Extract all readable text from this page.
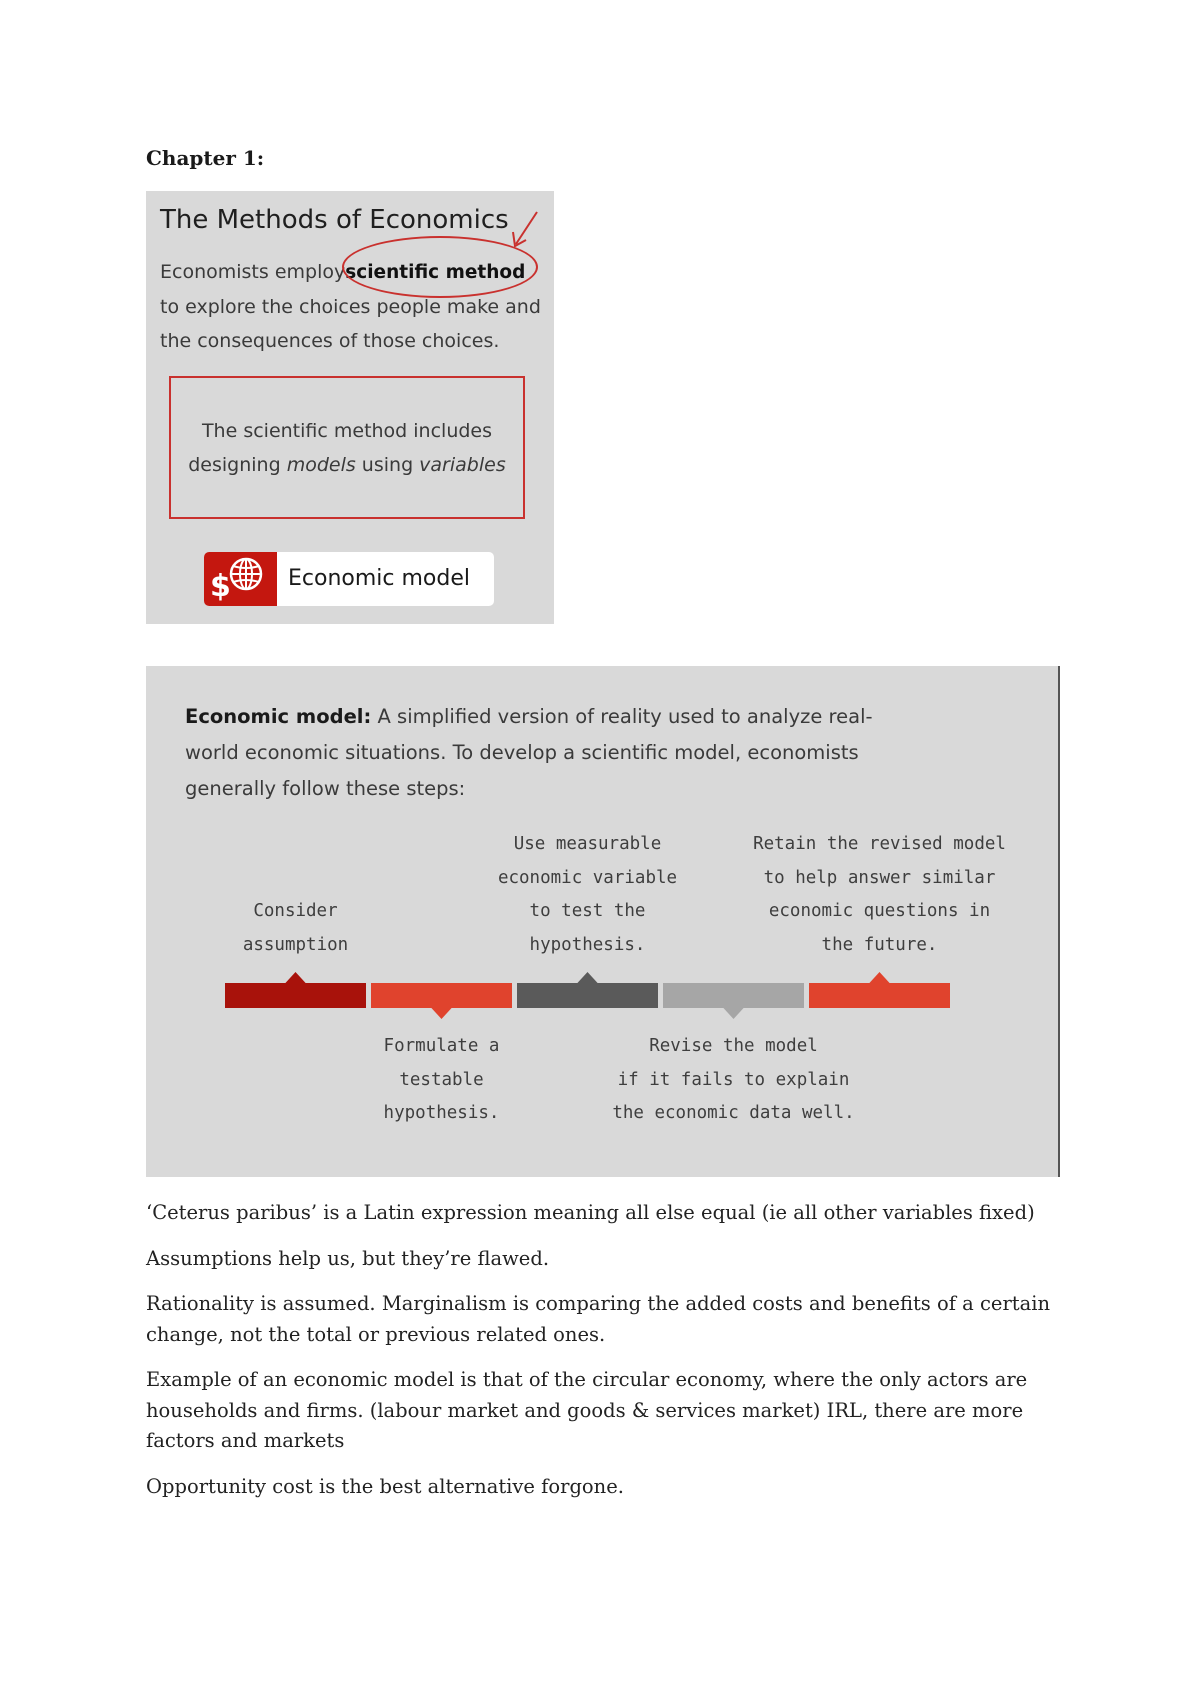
Chapter 1:
The Methods of Economics
Economists employscientific method
to explore the choices people make and
the consequences of those choices.
The scientific method includes
designing models using variables
$	Economic model
Economic model: A simplified version of reality used to analyze real-
world economic situations. To develop a scientific model, economists
generally follow these steps:
Consider
assumption
Formulate a
testable
hypothesis.
Use measurable
economic variable
to test the
hypothesis.
Revise the model
if it fails to explain
the economic data well.
Retain the revised model
to help answer similar
economic questions in
the future.

‘Ceterus paribus’ is a Latin expression meaning all else equal (ie all other variables fixed)

Assumptions help us, but they’re flawed.

Rationality is assumed. Marginalism is comparing the added costs and benefits of a certain
change, not the total or previous related ones.

Example of an economic model is that of the circular economy, where the only actors are
households and firms. (labour market and goods & services market) IRL, there are more
factors and markets

Opportunity cost is the best alternative forgone.
